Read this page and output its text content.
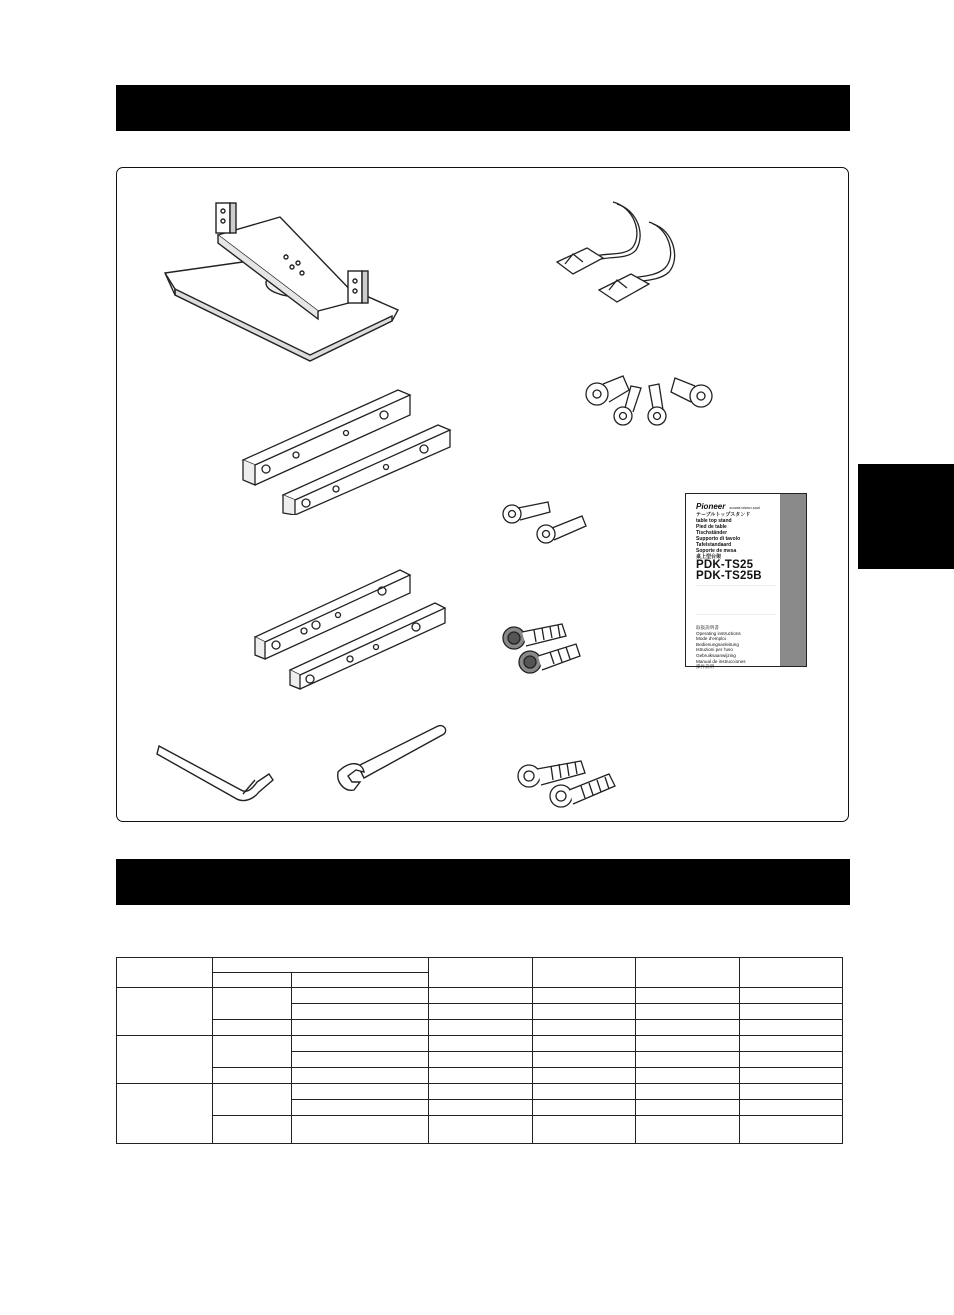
Pioneer sound.vision.soul
テーブルトップスタンド
table top stand
Pied de table
Tischständer
Supporto di tavolo
Tafelstandaard
Soporte de mesa
桌上型台架
PDK-TS25
PDK-TS25B
取扱説明書
Operating instructions
Mode d'emploi
Bedienungsanleitung
Istruzioni per l'uso
Gebruiksaanwijzing
Manual de instrucciones
操作説明
